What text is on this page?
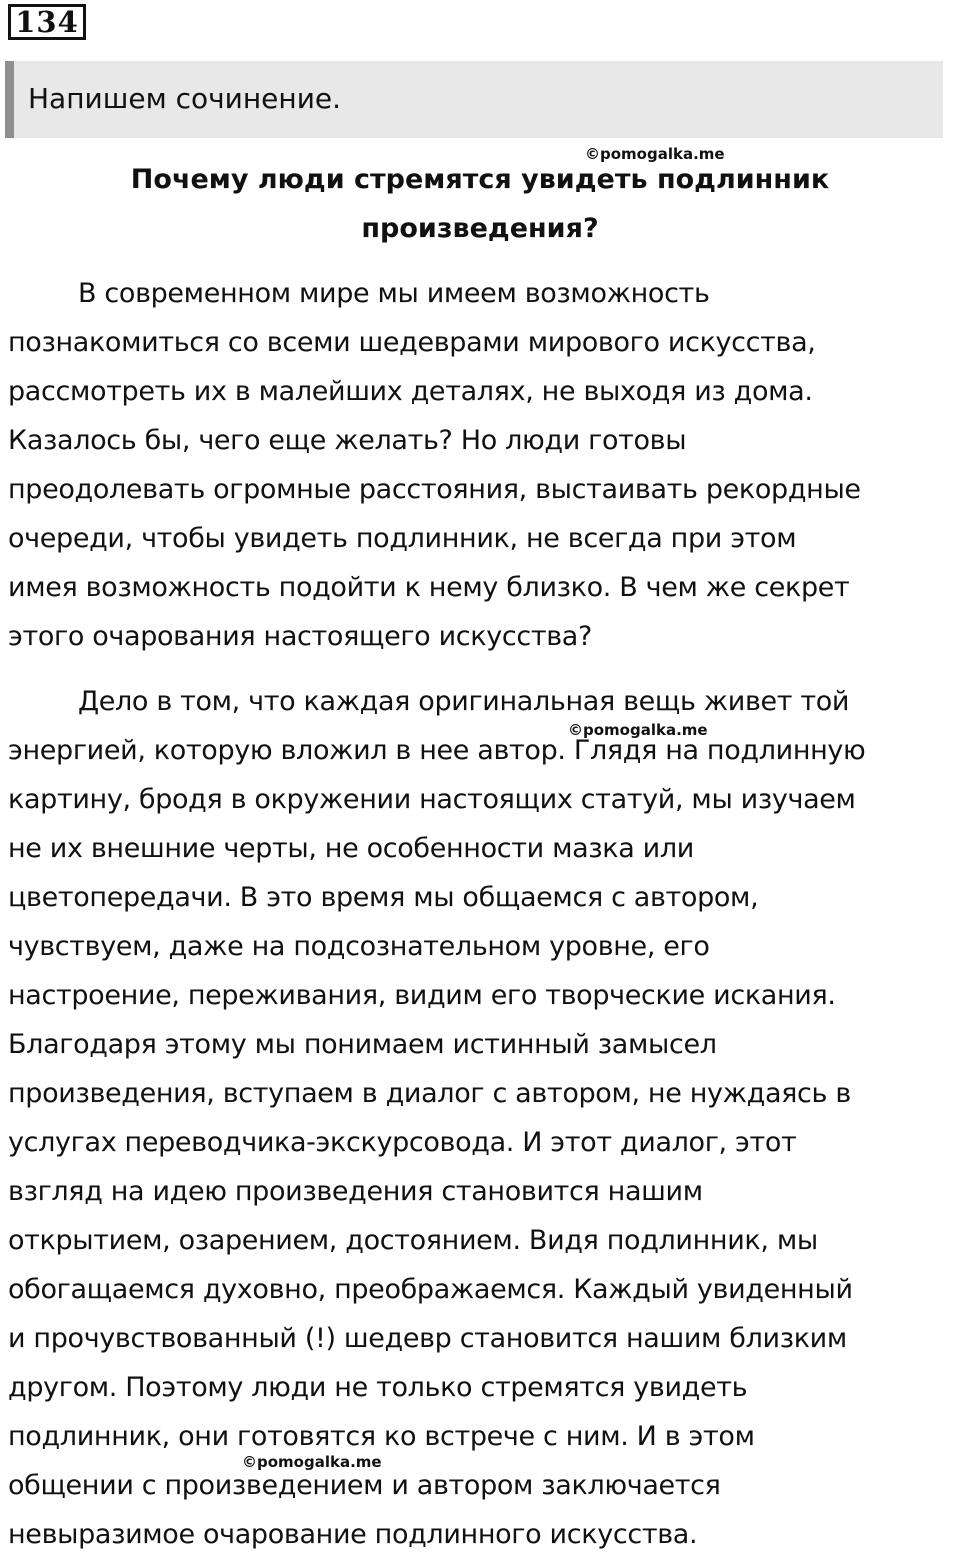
134
Напишем сочинение.
©pomogalka.me
Почему люди стремятся увидеть подлинник
произведения?
В современном мире мы имеем возможность
познакомиться со всеми шедеврами мирового искусства,
рассмотреть их в малейших деталях, не выходя из дома.
Казалось бы, чего еще желать? Но люди готовы
преодолевать огромные расстояния, выстаивать рекордные
очереди, чтобы увидеть подлинник, не всегда при этом
имея возможность подойти к нему близко. В чем же секрет
этого очарования настоящего искусства?
Дело в том, что каждая оригинальная вещь живет той
©pomogalka.me
энергией, которую вложил в нее автор. Глядя на подлинную
картину, бродя в окружении настоящих статуй, мы изучаем
не их внешние черты, не особенности мазка или
цветопередачи. В это время мы общаемся с автором,
чувствуем, даже на подсознательном уровне, его
настроение, переживания, видим его творческие искания.
Благодаря этому мы понимаем истинный замысел
произведения, вступаем в диалог с автором, не нуждаясь в
услугах переводчика-экскурсовода. И этот диалог, этот
взгляд на идею произведения становится нашим
открытием, озарением, достоянием. Видя подлинник, мы
обогащаемся духовно, преображаемся. Каждый увиденный
и прочувствованный (!) шедевр становится нашим близким
другом. Поэтому люди не только стремятся увидеть
подлинник, они готовятся ко встрече с ним. И в этом
©pomogalka.me
общении с произведением и автором заключается
невыразимое очарование подлинного искусства.
